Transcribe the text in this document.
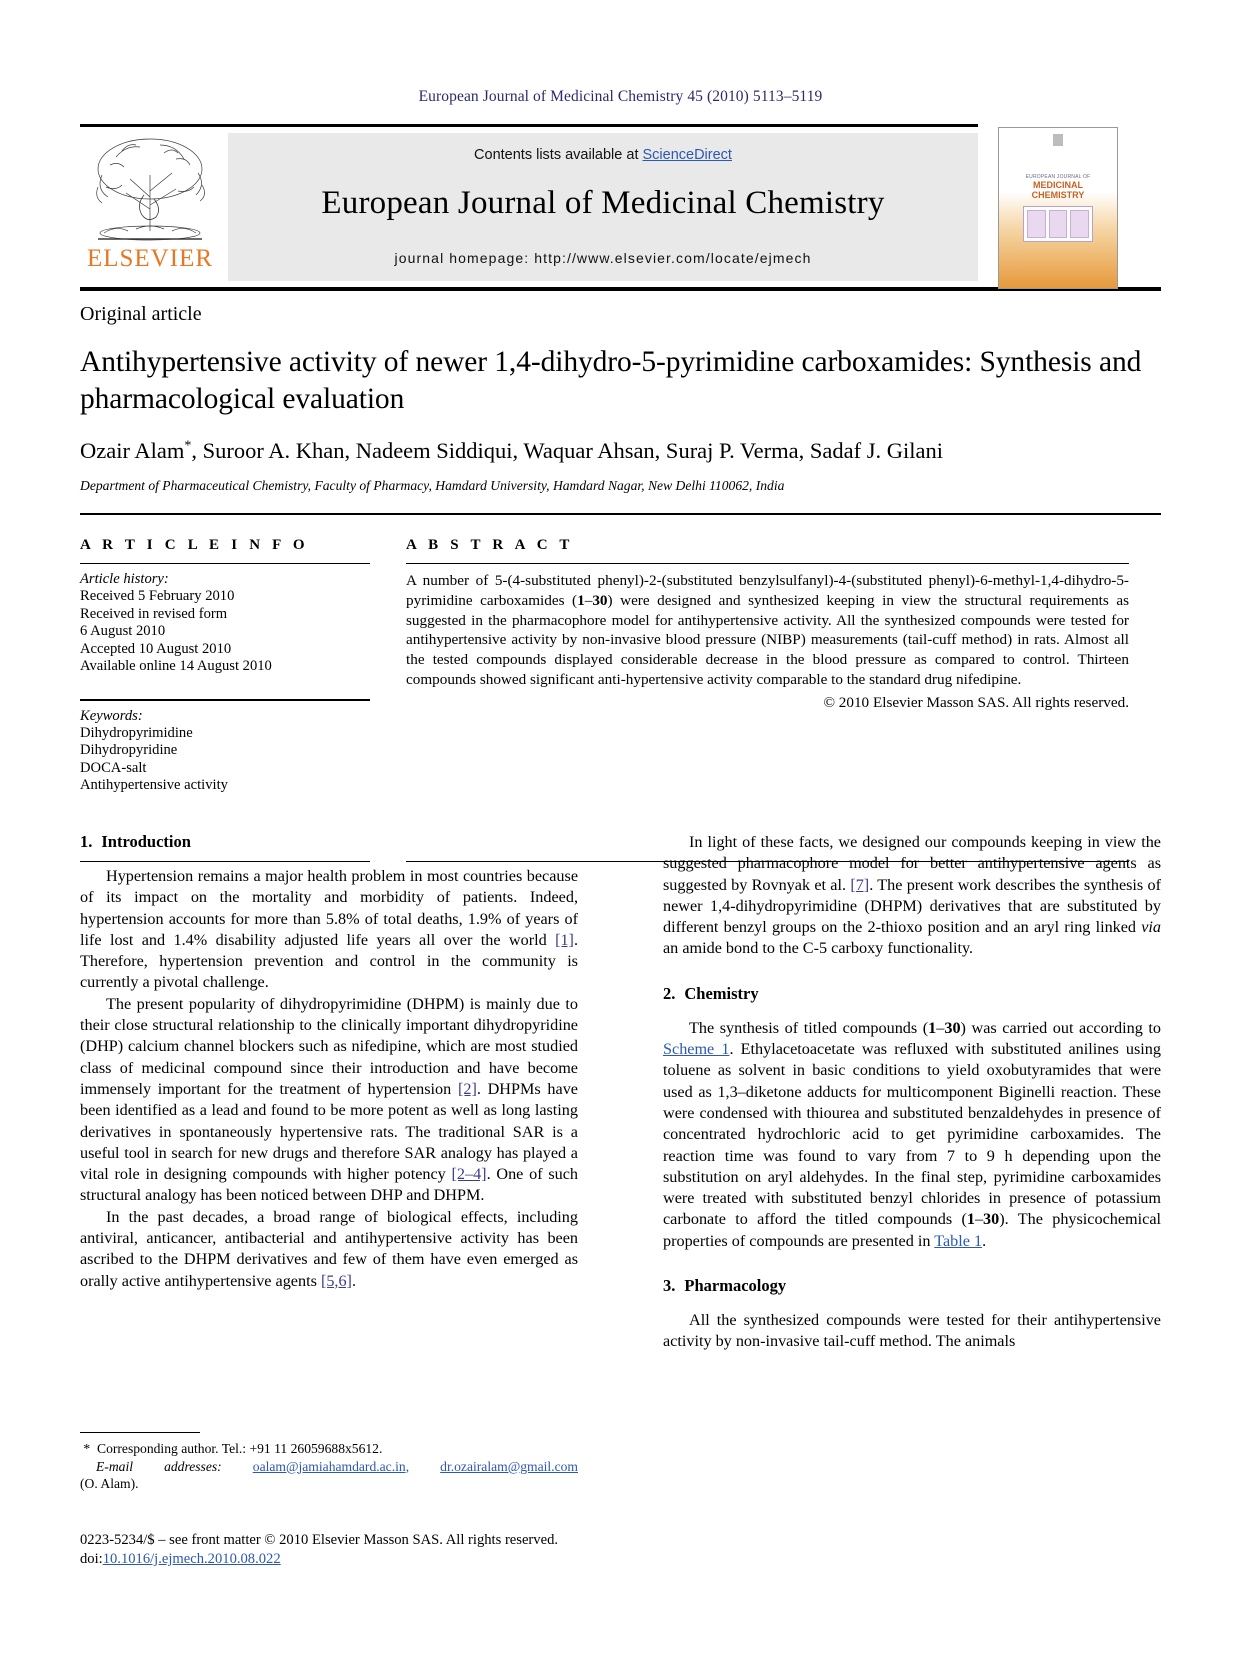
European Journal of Medicinal Chemistry 45 (2010) 5113–5119
ELSEVIER
Contents lists available at ScienceDirect
European Journal of Medicinal Chemistry
journal homepage: http://www.elsevier.com/locate/ejmech
EUROPEAN JOURNAL OF
MEDICINAL
CHEMISTRY
Original article
Antihypertensive activity of newer 1,4-dihydro-5-pyrimidine carboxamides: Synthesis and pharmacological evaluation
Ozair Alam*, Suroor A. Khan, Nadeem Siddiqui, Waquar Ahsan, Suraj P. Verma, Sadaf J. Gilani
Department of Pharmaceutical Chemistry, Faculty of Pharmacy, Hamdard University, Hamdard Nagar, New Delhi 110062, India
A R T I C L E I N F O
Article history:
Received 5 February 2010
Received in revised form
6 August 2010
Accepted 10 August 2010
Available online 14 August 2010
Keywords:
Dihydropyrimidine
Dihydropyridine
DOCA-salt
Antihypertensive activity
A B S T R A C T

A number of 5-(4-substituted phenyl)-2-(substituted benzylsulfanyl)-4-(substituted phenyl)-6-methyl-1,4-dihydro-5-pyrimidine carboxamides (1–30) were designed and synthesized keeping in view the structural requirements as suggested in the pharmacophore model for antihypertensive activity. All the synthesized compounds were tested for antihypertensive activity by non-invasive blood pressure (NIBP) measurements (tail-cuff method) in rats. Almost all the tested compounds displayed considerable decrease in the blood pressure as compared to control. Thirteen compounds showed significant anti-hypertensive activity comparable to the standard drug nifedipine.

© 2010 Elsevier Masson SAS. All rights reserved.
1. Introduction

Hypertension remains a major health problem in most countries because of its impact on the mortality and morbidity of patients. Indeed, hypertension accounts for more than 5.8% of total deaths, 1.9% of years of life lost and 1.4% disability adjusted life years all over the world [1]. Therefore, hypertension prevention and control in the community is currently a pivotal challenge.

The present popularity of dihydropyrimidine (DHPM) is mainly due to their close structural relationship to the clinically important dihydropyridine (DHP) calcium channel blockers such as nifedipine, which are most studied class of medicinal compound since their introduction and have become immensely important for the treatment of hypertension [2]. DHPMs have been identified as a lead and found to be more potent as well as long lasting derivatives in spontaneously hypertensive rats. The traditional SAR is a useful tool in search for new drugs and therefore SAR analogy has played a vital role in designing compounds with higher potency [2–4]. One of such structural analogy has been noticed between DHP and DHPM.

In the past decades, a broad range of biological effects, including antiviral, anticancer, antibacterial and antihypertensive activity has been ascribed to the DHPM derivatives and few of them have even emerged as orally active antihypertensive agents [5,6].

In light of these facts, we designed our compounds keeping in view the suggested pharmacophore model for better antihypertensive agents as suggested by Rovnyak et al. [7]. The present work describes the synthesis of newer 1,4-dihydropyrimidine (DHPM) derivatives that are substituted by different benzyl groups on the 2-thioxo position and an aryl ring linked via an amide bond to the C-5 carboxy functionality.

2. Chemistry

The synthesis of titled compounds (1–30) was carried out according to Scheme 1. Ethylacetoacetate was refluxed with substituted anilines using toluene as solvent in basic conditions to yield oxobutyramides that were used as 1,3–diketone adducts for multicomponent Biginelli reaction. These were condensed with thiourea and substituted benzaldehydes in presence of concentrated hydrochloric acid to get pyrimidine carboxamides. The reaction time was found to vary from 7 to 9 h depending upon the substitution on aryl aldehydes. In the final step, pyrimidine carboxamides were treated with substituted benzyl chlorides in presence of potassium carbonate to afford the titled compounds (1–30). The physicochemical properties of compounds are presented in Table 1.

3. Pharmacology

All the synthesized compounds were tested for their antihypertensive activity by non-invasive tail-cuff method. The animals

* Corresponding author. Tel.: +91 11 26059688x5612.
E-mail addresses: oalam@jamiahamdard.ac.in, dr.ozairalam@gmail.com
(O. Alam).
0223-5234/$ – see front matter © 2010 Elsevier Masson SAS. All rights reserved.
doi:10.1016/j.ejmech.2010.08.022
